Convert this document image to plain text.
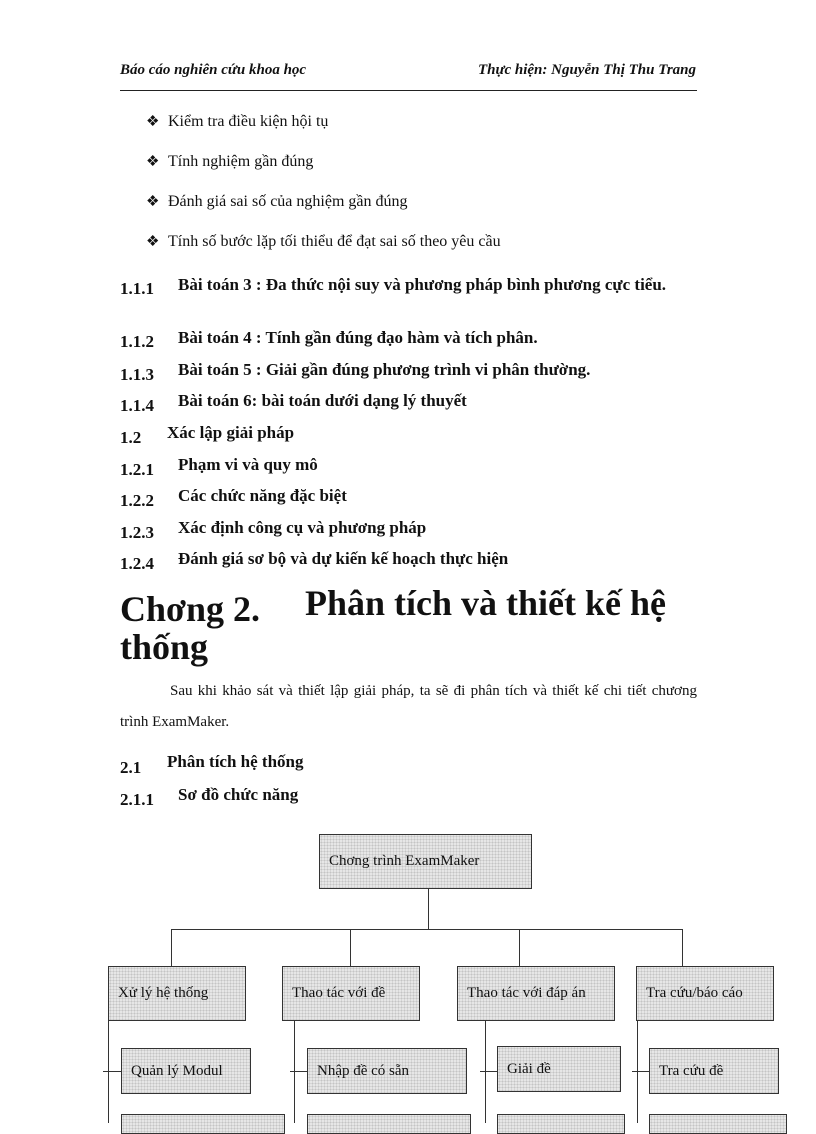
Báo cáo nghiên cứu khoa học	Thực hiện: Nguyễn Thị Thu Trang
❖ Kiểm tra điều kiện hội tụ
❖ Tính nghiệm gần đúng
❖ Đánh giá sai số của nghiệm gần đúng
❖ Tính số bước lặp tối thiểu để đạt sai số theo yêu cầu
1.1.1 Bài toán 3 : Đa thức nội suy và phương pháp bình phương cực tiểu.
1.1.2 Bài toán 4 : Tính gần đúng đạo hàm và tích phân.
1.1.3 Bài toán 5 : Giải gần đúng phương trình vi phân thường.
1.1.4 Bài toán 6: bài toán dưới dạng lý thuyết
1.2 Xác lập giải pháp
1.2.1 Phạm vi và quy mô
1.2.2 Các chức năng đặc biệt
1.2.3 Xác định công cụ và phương pháp
1.2.4 Đánh giá sơ bộ và dự kiến kế hoạch thực hiện
Chơng 2. Phân tích và thiết kế hệ
thống
Sau khi khảo sát và thiết lập giải pháp, ta sẽ đi phân tích và thiết kế chi tiết chương trình ExamMaker.
2.1 Phân tích hệ thống
2.1.1 Sơ đồ chức năng
Chơng trình ExamMaker
Xử lý hệ thống	Thao tác với đề	Thao tác với đáp án	Tra cứu/báo cáo
Quản lý Modul	Nhập đề có sẵn	Giải đề	Tra cứu đề
